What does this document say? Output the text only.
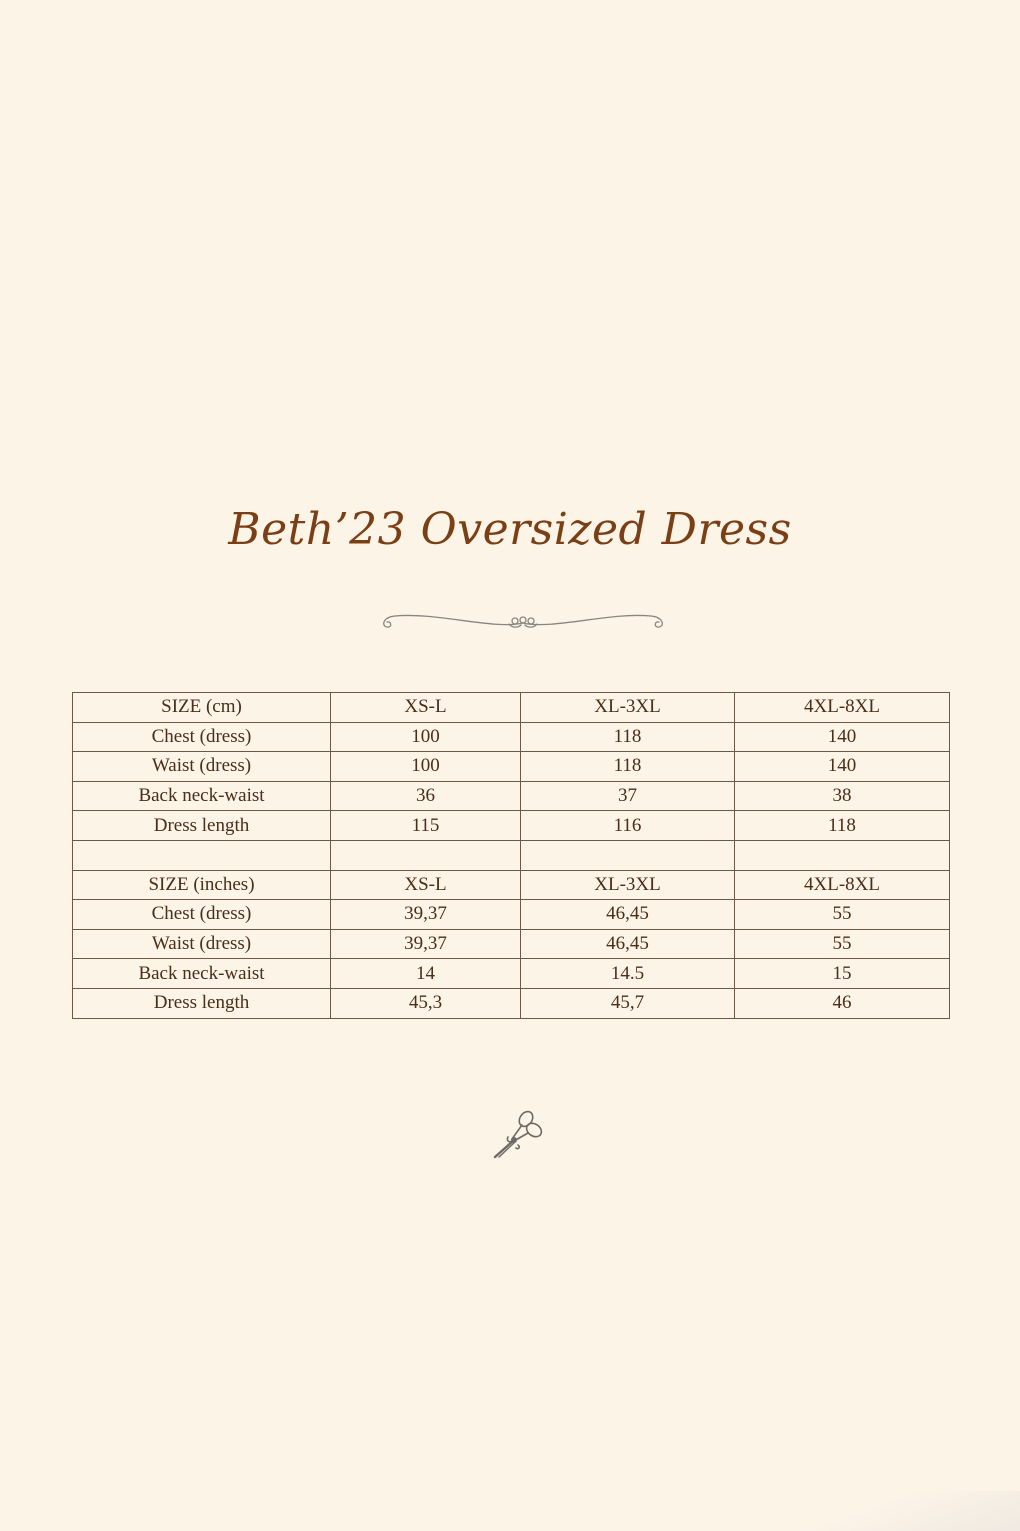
Beth’23 Oversized Dress
SIZE (cm)	XS-L	XL-3XL	4XL-8XL
Chest (dress)	100	118	140
Waist (dress)	100	118	140
Back neck-waist	36	37	38
Dress length	115	116	118

SIZE (inches)	XS-L	XL-3XL	4XL-8XL
Chest (dress)	39,37	46,45	55
Waist (dress)	39,37	46,45	55
Back neck-waist	14	14.5	15
Dress length	45,3	45,7	46
